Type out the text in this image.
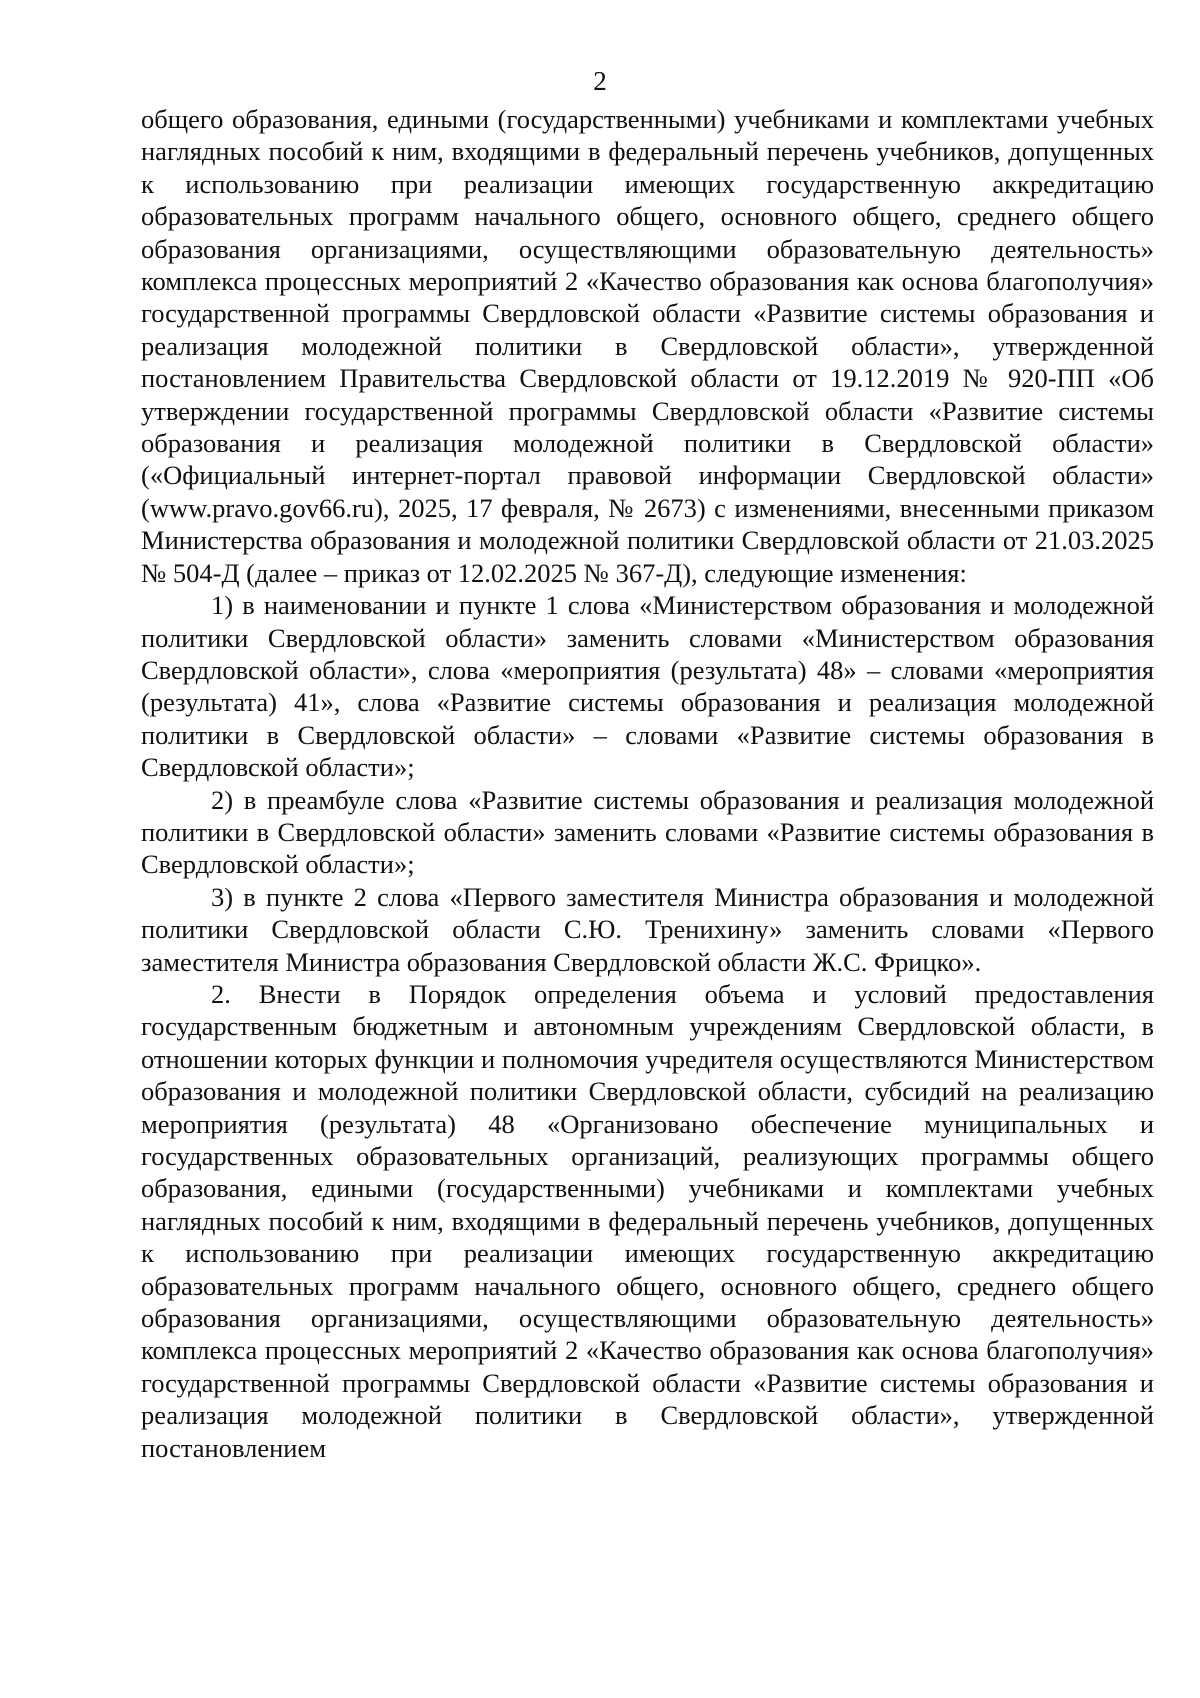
2

общего образования, едиными (государственными) учебниками и комплектами учебных наглядных пособий к ним, входящими в федеральный перечень учебников, допущенных к использованию при реализации имеющих государственную аккредитацию образовательных программ начального общего, основного общего, среднего общего образования организациями, осуществляющими образовательную деятельность» комплекса процессных мероприятий 2 «Качество образования как основа благополучия» государственной программы Свердловской области «Развитие системы образования и реализация молодежной политики в Свердловской области», утвержденной постановлением Правительства Свердловской области от 19.12.2019 № 920-ПП «Об утверждении государственной программы Свердловской области «Развитие системы образования и реализация молодежной политики в Свердловской области» («Официальный интернет-портал правовой информации Свердловской области» (www.pravo.gov66.ru), 2025, 17 февраля, № 2673) с изменениями, внесенными приказом Министерства образования и молодежной политики Свердловской области от 21.03.2025 № 504-Д (далее – приказ от 12.02.2025 № 367-Д), следующие изменения:

1) в наименовании и пункте 1 слова «Министерством образования и молодежной политики Свердловской области» заменить словами «Министерством образования Свердловской области», слова «мероприятия (результата) 48» – словами «мероприятия (результата) 41», слова «Развитие системы образования и реализация молодежной политики в Свердловской области» – словами «Развитие системы образования в Свердловской области»;

2) в преамбуле слова «Развитие системы образования и реализация молодежной политики в Свердловской области» заменить словами «Развитие системы образования в Свердловской области»;

3) в пункте 2 слова «Первого заместителя Министра образования и молодежной политики Свердловской области С.Ю. Тренихину» заменить словами «Первого заместителя Министра образования Свердловской области Ж.С. Фрицко».

2. Внести в Порядок определения объема и условий предоставления государственным бюджетным и автономным учреждениям Свердловской области, в отношении которых функции и полномочия учредителя осуществляются Министерством образования и молодежной политики Свердловской области, субсидий на реализацию мероприятия (результата) 48 «Организовано обеспечение муниципальных и государственных образовательных организаций, реализующих программы общего образования, едиными (государственными) учебниками и комплектами учебных наглядных пособий к ним, входящими в федеральный перечень учебников, допущенных к использованию при реализации имеющих государственную аккредитацию образовательных программ начального общего, основного общего, среднего общего образования организациями, осуществляющими образовательную деятельность» комплекса процессных мероприятий 2 «Качество образования как основа благополучия» государственной программы Свердловской области «Развитие системы образования и реализация молодежной политики в Свердловской области», утвержденной постановлением
